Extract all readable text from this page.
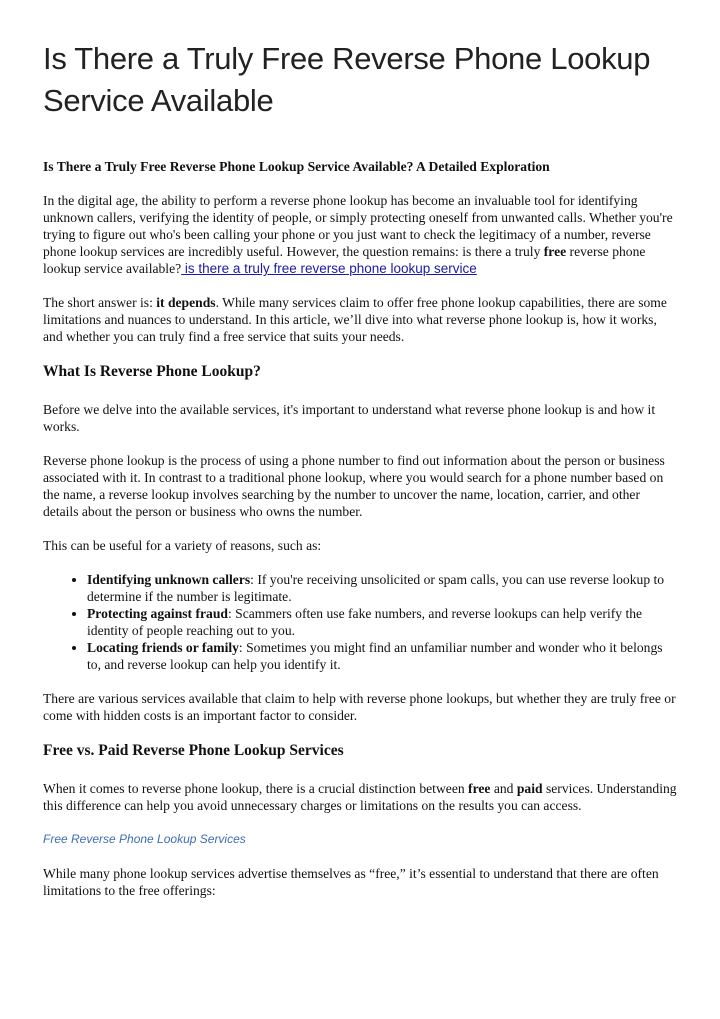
Is There a Truly Free Reverse Phone Lookup Service Available
Is There a Truly Free Reverse Phone Lookup Service Available? A Detailed Exploration

In the digital age, the ability to perform a reverse phone lookup has become an invaluable tool for identifying unknown callers, verifying the identity of people, or simply protecting oneself from unwanted calls. Whether you're trying to figure out who's been calling your phone or you just want to check the legitimacy of a number, reverse phone lookup services are incredibly useful. However, the question remains: is there a truly free reverse phone lookup service available? is there a truly free reverse phone lookup service

The short answer is: it depends. While many services claim to offer free phone lookup capabilities, there are some limitations and nuances to understand. In this article, we’ll dive into what reverse phone lookup is, how it works, and whether you can truly find a free service that suits your needs.

What Is Reverse Phone Lookup?

Before we delve into the available services, it's important to understand what reverse phone lookup is and how it works.

Reverse phone lookup is the process of using a phone number to find out information about the person or business associated with it. In contrast to a traditional phone lookup, where you would search for a phone number based on the name, a reverse lookup involves searching by the number to uncover the name, location, carrier, and other details about the person or business who owns the number.

This can be useful for a variety of reasons, such as:

• Identifying unknown callers: If you're receiving unsolicited or spam calls, you can use reverse lookup to determine if the number is legitimate.
• Protecting against fraud: Scammers often use fake numbers, and reverse lookups can help verify the identity of people reaching out to you.
• Locating friends or family: Sometimes you might find an unfamiliar number and wonder who it belongs to, and reverse lookup can help you identify it.

There are various services available that claim to help with reverse phone lookups, but whether they are truly free or come with hidden costs is an important factor to consider.

Free vs. Paid Reverse Phone Lookup Services

When it comes to reverse phone lookup, there is a crucial distinction between free and paid services. Understanding this difference can help you avoid unnecessary charges or limitations on the results you can access.

Free Reverse Phone Lookup Services

While many phone lookup services advertise themselves as “free,” it’s essential to understand that there are often limitations to the free offerings:
